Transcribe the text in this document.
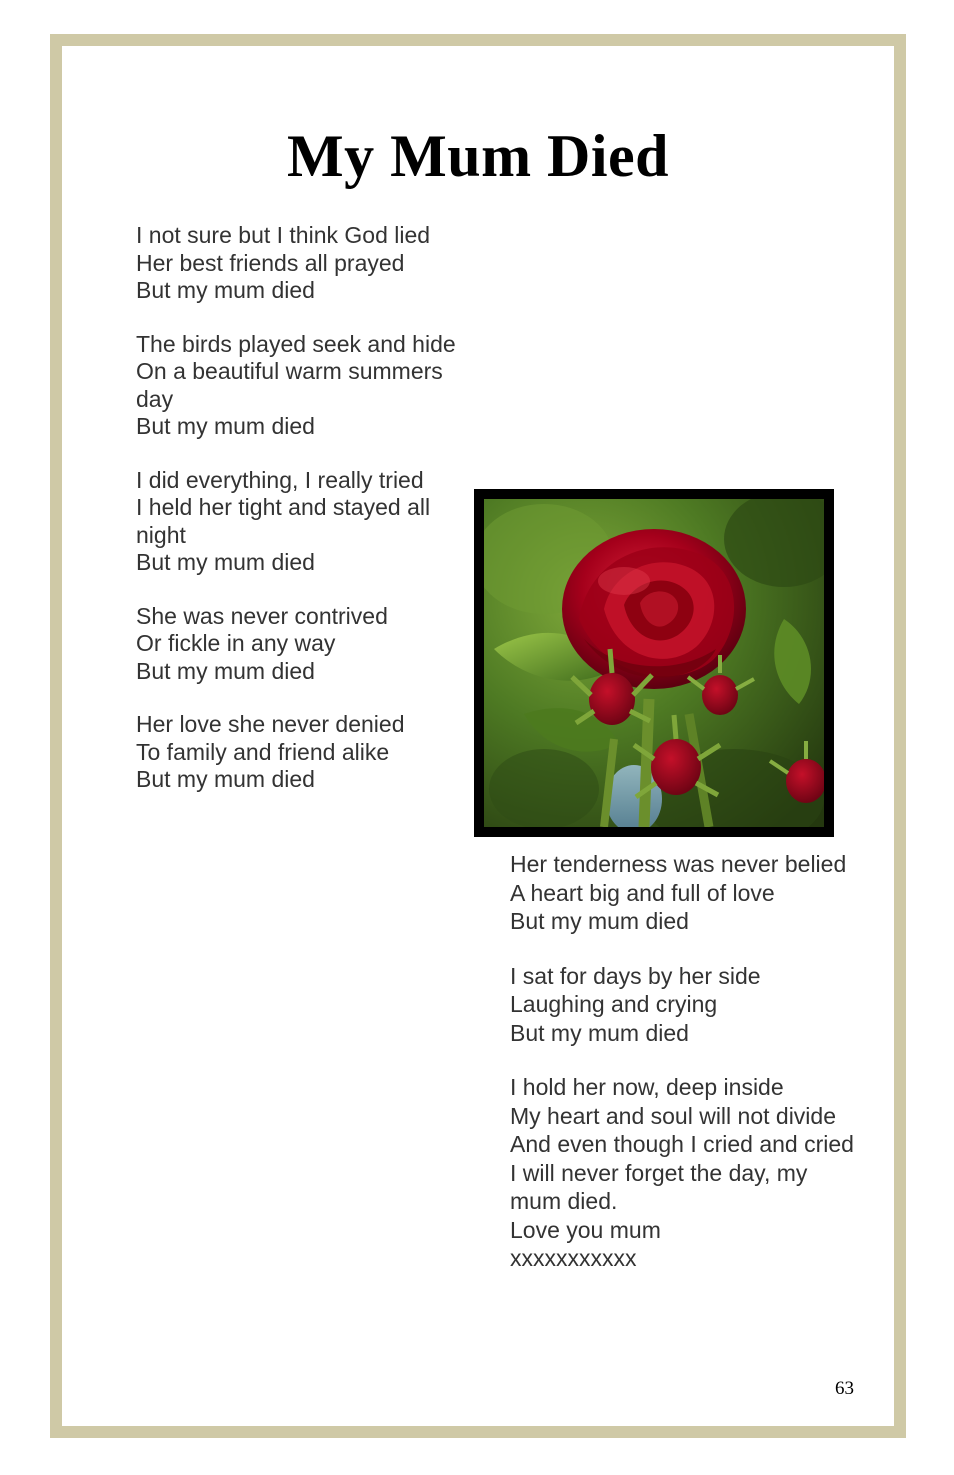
My Mum Died
I not sure but I think God lied
Her best friends all prayed
But my mum died
The birds played seek and hide
On a beautiful warm summers day
But my mum died
I did everything, I really tried
I held her tight and stayed all night
But my mum died
She was never contrived
Or fickle in any way
But my mum died
Her love she never denied
To family and friend alike
But my mum died
Her tenderness was never belied
A heart big and full of love
But my mum died
I sat for days by her side
Laughing and crying
But my mum died
I hold her now, deep inside
My heart and soul will not divide
And even though I cried and cried
I will never forget the day, my mum died.
Love you mum
xxxxxxxxxxx
63
